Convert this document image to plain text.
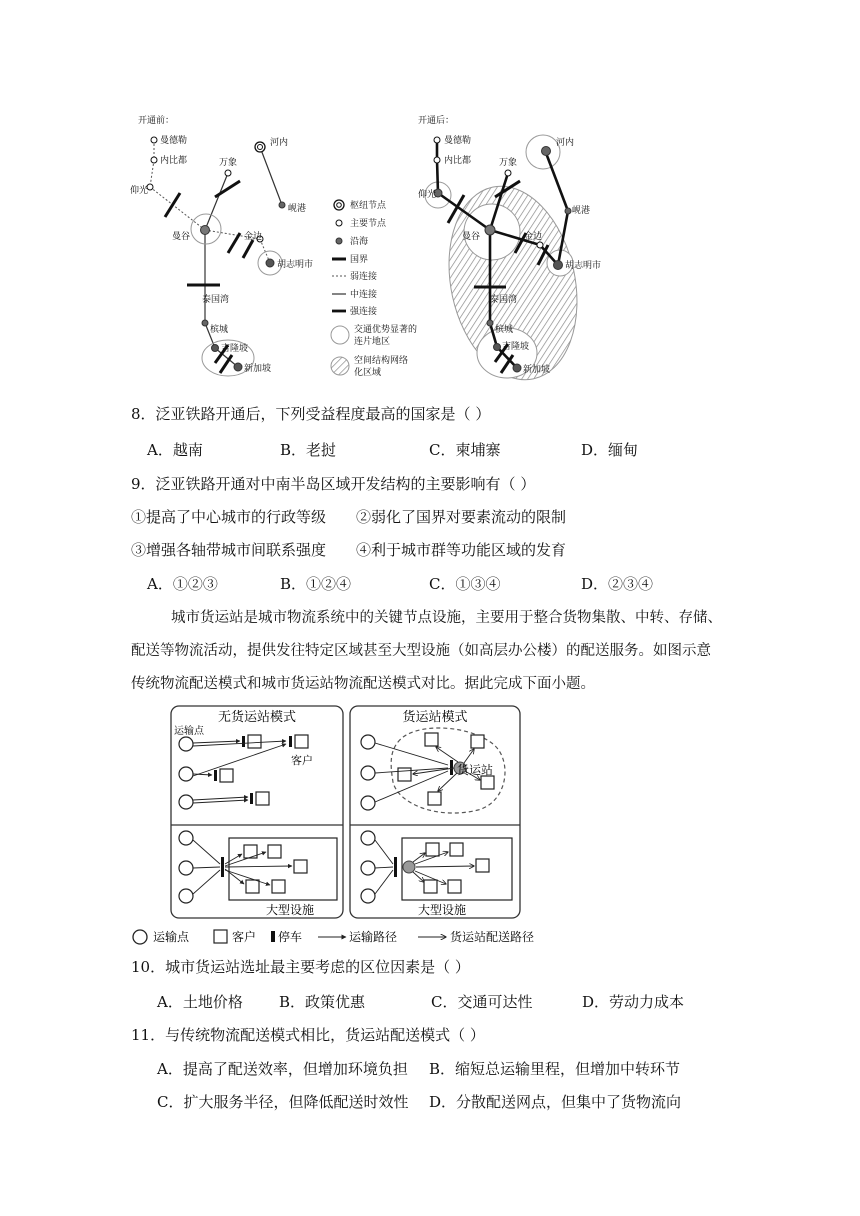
开通前：
曼德勒
内比都
河内
万象
仰光
岘港
曼谷	金边
胡志明市
泰国湾
槟城
吉隆坡
新加坡
枢纽节点
主要节点
沿海
国界
弱连接
中连接
强连接
交通优势显著的
连片地区
空间结构网络
化区域
开通后：
曼德勒
内比都
河内
万象
仰光
岘港
曼谷	金边
胡志明市
泰国湾
槟城
吉隆坡
新加坡
8．泛亚铁路开通后，下列受益程度最高的国家是（ ）
A．越南	B．老挝	C．柬埔寨	D．缅甸
9．泛亚铁路开通对中南半岛区域开发结构的主要影响有（ ）
①提高了中心城市的行政等级 ②弱化了国界对要素流动的限制
③增强各轴带城市间联系强度 ④利于城市群等功能区域的发育
A．①②③	B．①②④	C．①③④	D．②③④
城市货运站是城市物流系统中的关键节点设施，主要用于整合货物集散、中转、存储、
配送等物流活动，提供发往特定区域甚至大型设施（如高层办公楼）的配送服务。如图示意
传统物流配送模式和城市货运站物流配送模式对比。据此完成下面小题。
无货运站模式
运输点
客户
大型设施
货运站模式
货运站
大型设施
运输点	客户 停车	运输路径	货运站配送路径
10．城市货运站选址最主要考虑的区位因素是（ ）
A．土地价格 B．政策优惠	C．交通可达性	D．劳动力成本
11．与传统物流配送模式相比，货运站配送模式（ ）
A．提高了配送效率，但增加环境负担 B．缩短总运输里程，但增加中转环节
C．扩大服务半径，但降低配送时效性 D．分散配送网点，但集中了货物流向
